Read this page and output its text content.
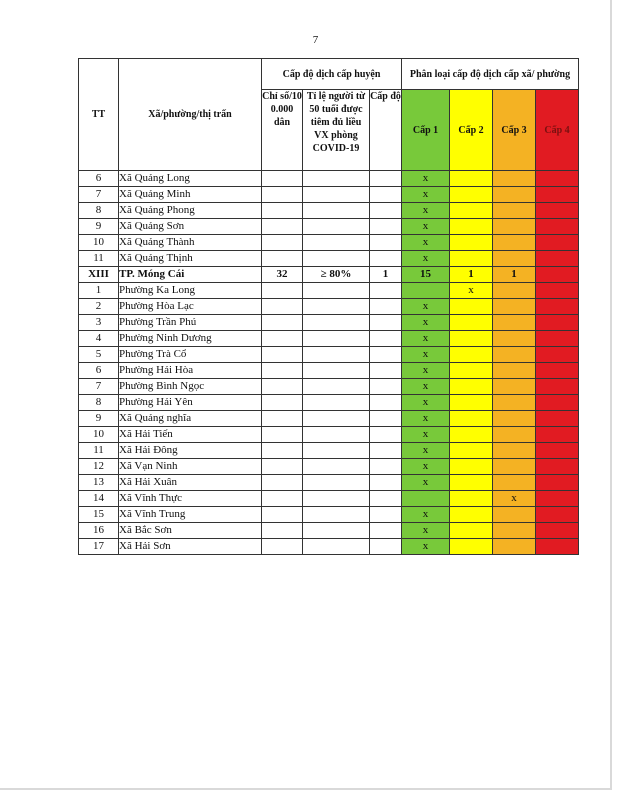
7
TT	Xã/phường/thị trấn	Cấp độ dịch cấp huyện			Phân loại cấp độ dịch cấp xã/ phường			
		Chỉ số/10 0.000 dân	Tỉ lệ người từ 50 tuổi được tiêm đủ liều VX phòng COVID-19	Cấp độ	Cấp 1	Cấp 2	Cấp 3	Cấp 4
6	Xã Quảng Long				x			
7	Xã Quảng Minh				x			
8	Xã Quảng Phong				x			
9	Xã Quảng Sơn				x			
10	Xã Quảng Thành				x			
11	Xã Quảng Thịnh				x			
XIII	TP. Móng Cái	32	≥ 80%	1	15	1	1	
1	Phường Ka Long					x		
2	Phường Hòa Lạc				x			
3	Phường Trần Phú				x			
4	Phường Ninh Dương				x			
5	Phường Trà Cổ				x			
6	Phường Hải Hòa				x			
7	Phường Bình Ngọc				x			
8	Phường Hải Yên				x			
9	Xã Quảng nghĩa				x			
10	Xã Hải Tiến				x			
11	Xã Hải Đông				x			
12	Xã Vạn Ninh				x			
13	Xã Hải Xuân				x			
14	Xã Vĩnh Thực						x	
15	Xã Vĩnh Trung				x			
16	Xã Bắc Sơn				x			
17	Xã Hải Sơn				x			
